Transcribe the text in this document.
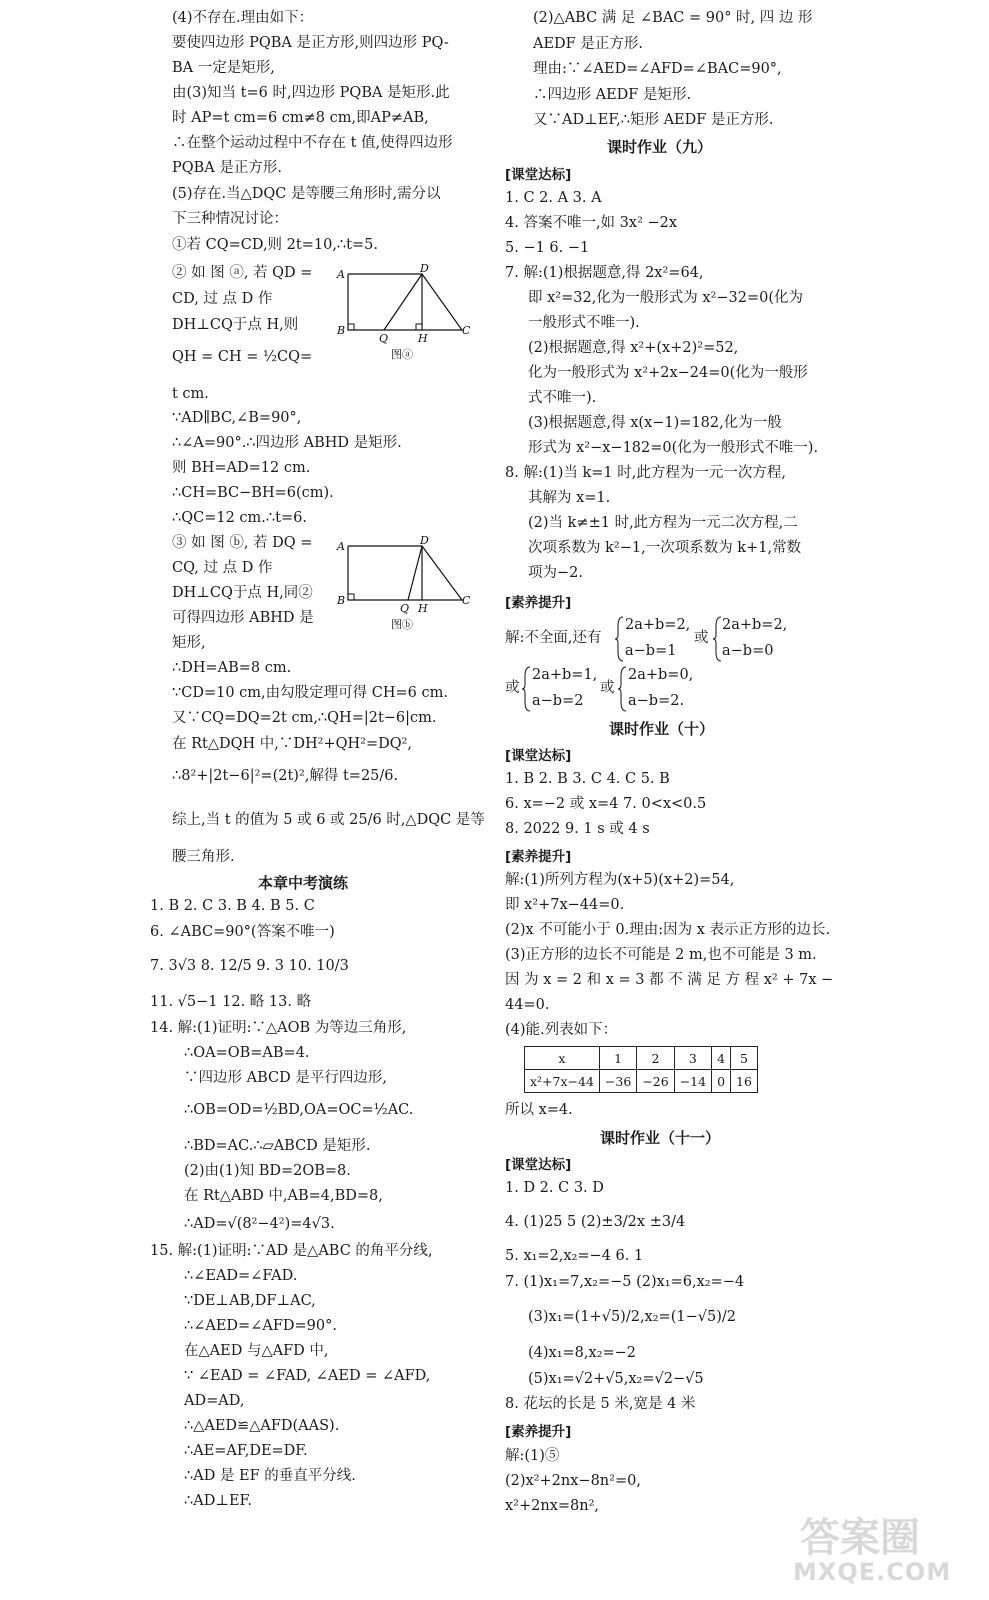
(4)不存在.理由如下：
要使四边形 PQBA 是正方形,则四边形 PQ-
BA 一定是矩形,
由(3)知当 t=6 时,四边形 PQBA 是矩形.此
时 AP=t cm=6 cm≠8 cm,即AP≠AB,
∴在整个运动过程中不存在 t 值,使得四边形
PQBA 是正方形.
(5)存在.当△DQC 是等腰三角形时,需分以
下三种情况讨论：
①若 CQ=CD,则 2t=10,∴t=5.
② 如 图 ⓐ, 若 QD =
CD, 过 点 D 作
DH⊥CQ于点 H,则
QH = CH = ½CQ=
t cm.
∵AD∥BC,∠B=90°,
∴∠A=90°.∴四边形 ABHD 是矩形.
则 BH=AD=12 cm.
∴CH=BC−BH=6(cm).
∴QC=12 cm.∴t=6.
③ 如 图 ⓑ, 若 DQ =
CQ, 过 点 D 作
DH⊥CQ于点 H,同②
可得四边形 ABHD 是
矩形,
∴DH=AB=8 cm.
∵CD=10 cm,由勾股定理可得 CH=6 cm.
又∵CQ=DQ=2t cm,∴QH=|2t−6|cm.
在 Rt△DQH 中,∵DH²+QH²=DQ²,
∴8²+|2t−6|²=(2t)²,解得 t=25/6.
综上,当 t 的值为 5 或 6 或 25/6 时,△DQC 是等
腰三角形.
A	D
B
Q	H
C
图ⓐ
A	D
B
Q H
C
图ⓑ
本章中考演练
1. B 2. C 3. B 4. B 5. C
6. ∠ABC=90°(答案不唯一)
7. 3√3 8. 12/5 9. 3 10. 10/3
11. √5−1 12. 略 13. 略
14. 解:(1)证明:∵△AOB 为等边三角形,
∴OA=OB=AB=4.
∵四边形 ABCD 是平行四边形,
∴OB=OD=½BD,OA=OC=½AC.
∴BD=AC.∴▱ABCD 是矩形.
(2)由(1)知 BD=2OB=8.
在 Rt△ABD 中,AB=4,BD=8,
∴AD=√(8²−4²)=4√3.
15. 解:(1)证明:∵AD 是△ABC 的角平分线,
∴∠EAD=∠FAD.
∵DE⊥AB,DF⊥AC,
∴∠AED=∠AFD=90°.
在△AED 与△AFD 中,
∵ ∠EAD = ∠FAD, ∠AED = ∠AFD,
AD=AD,
∴△AED≌△AFD(AAS).
∴AE=AF,DE=DF.
∴AD 是 EF 的垂直平分线.
∴AD⊥EF.
(2)△ABC 满 足 ∠BAC = 90° 时, 四 边 形
AEDF 是正方形.
理由:∵∠AED=∠AFD=∠BAC=90°,
∴四边形 AEDF 是矩形.
又∵AD⊥EF,∴矩形 AEDF 是正方形.
课时作业（九）
[课堂达标]
1. C 2. A 3. A
4. 答案不唯一,如 3x² −2x
5. −1 6. −1
7. 解:(1)根据题意,得 2x²=64,
即 x²=32,化为一般形式为 x²−32=0(化为
一般形式不唯一).
(2)根据题意,得 x²+(x+2)²=52,
化为一般形式为 x²+2x−24=0(化为一般形
式不唯一).
(3)根据题意,得 x(x−1)=182,化为一般
形式为 x²−x−182=0(化为一般形式不唯一).
8. 解:(1)当 k=1 时,此方程为一元一次方程,
其解为 x=1.
(2)当 k≠±1 时,此方程为一元二次方程,二
次项系数为 k²−1,一次项系数为 k+1,常数
项为−2.
[素养提升]
解:不全面,还有
2a+b=2,
a−b=1
或
2a+b=2,
a−b=0
或
2a+b=1,
a−b=2
或
2a+b=0,
a−b=2.
课时作业（十）
[课堂达标]
1. B 2. B 3. C 4. C 5. B
6. x=−2 或 x=4 7. 0<x<0.5
8. 2022 9. 1 s 或 4 s
[素养提升]
解:(1)所列方程为(x+5)(x+2)=54,
即 x²+7x−44=0.
(2)x 不可能小于 0.理由:因为 x 表示正方形的边长.
(3)正方形的边长不可能是 2 m,也不可能是 3 m.
因 为 x = 2 和 x = 3 都 不 满 足 方 程 x² + 7x −
44=0.
(4)能.列表如下：
x	1	2	3	4	5
x²+7x−44	−36	−26	−14	0	16
所以 x=4.
课时作业（十一）
[课堂达标]
1. D 2. C 3. D
4. (1)25 5 (2)±3/2x ±3/4
5. x₁=2,x₂=−4 6. 1
7. (1)x₁=7,x₂=−5 (2)x₁=6,x₂=−4
(3)x₁=(1+√5)/2,x₂=(1−√5)/2
(4)x₁=8,x₂=−2
(5)x₁=√2+√5,x₂=√2−√5
8. 花坛的长是 5 米,宽是 4 米
[素养提升]
解:(1)⑤
(2)x²+2nx−8n²=0,
x²+2nx=8n²,
答案圈
MXQE.COM
